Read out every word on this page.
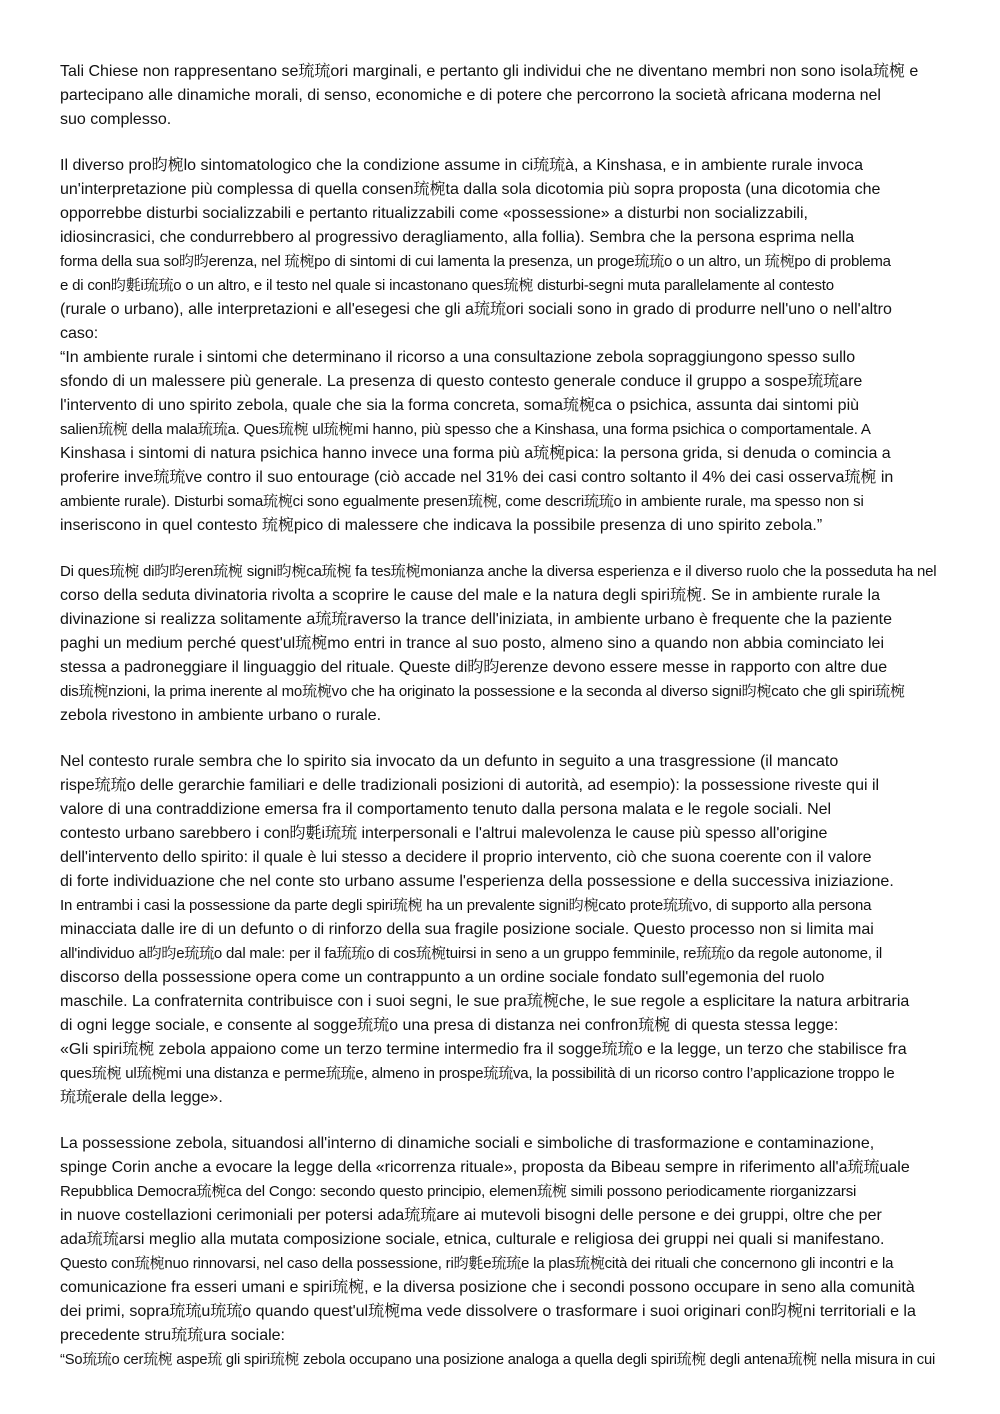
Tali Chiese non rappresentano se琉琉ori marginali, e pertanto gli individui che ne diventano membri non sono isola琉椀 e
partecipano alle dinamiche morali, di senso, economiche e di potere che percorrono la società africana moderna nel
suo complesso.
Il diverso pro昀椀lo sintomatologico che la condizione assume in ci琉琉à, a Kinshasa, e in ambiente rurale invoca
un'interpretazione più complessa di quella consen琉椀ta dalla sola dicotomia più sopra proposta (una dicotomia che
opporrebbe disturbi socializzabili e pertanto ritualizzabili come «possessione» a disturbi non socializzabili,
idiosincrasici, che condurrebbero al progressivo deragliamento, alla follia). Sembra che la persona esprima nella
forma della sua so昀昀erenza, nel 琉椀po di sintomi di cui lamenta la presenza, un proge琉琉o o un altro, un 琉椀po di problema
e di con昀氀i琉琉o o un altro, e il testo nel quale si incastonano ques琉椀 disturbi-segni muta parallelamente al contesto
(rurale o urbano), alle interpretazioni e all'esegesi che gli a琉琉ori sociali sono in grado di produrre nell'uno o nell'altro
caso:
“In ambiente rurale i sintomi che determinano il ricorso a una consultazione zebola sopraggiungono spesso sullo
sfondo di un malessere più generale. La presenza di questo contesto generale conduce il gruppo a sospe琉琉are
l'intervento di uno spirito zebola, quale che sia la forma concreta, soma琉椀ca o psichica, assunta dai sintomi più
salien琉椀 della mala琉琉a. Ques琉椀 ul琉椀mi hanno, più spesso che a Kinshasa, una forma psichica o comportamentale. A
Kinshasa i sintomi di natura psichica hanno invece una forma più a琉椀pica: la persona grida, si denuda o comincia a
proferire inve琉琉ve contro il suo entourage (ciò accade nel 31% dei casi contro soltanto il 4% dei casi osserva琉椀 in
ambiente rurale). Disturbi soma琉椀ci sono egualmente presen琉椀, come descri琉琉o in ambiente rurale, ma spesso non si
inseriscono in quel contesto 琉椀pico di malessere che indicava la possibile presenza di uno spirito zebola.”
Di ques琉椀 di昀昀eren琉椀 signi昀椀ca琉椀 fa tes琉椀monianza anche la diversa esperienza e il diverso ruolo che la posseduta ha nel
corso della seduta divinatoria rivolta a scoprire le cause del male e la natura degli spiri琉椀. Se in ambiente rurale la
divinazione si realizza solitamente a琉琉raverso la trance dell'iniziata, in ambiente urbano è frequente che la paziente
paghi un medium perché quest'ul琉椀mo entri in trance al suo posto, almeno sino a quando non abbia cominciato lei
stessa a padroneggiare il linguaggio del rituale. Queste di昀昀erenze devono essere messe in rapporto con altre due
dis琉椀nzioni, la prima inerente al mo琉椀vo che ha originato la possessione e la seconda al diverso signi昀椀cato che gli spiri琉椀
zebola rivestono in ambiente urbano o rurale.
Nel contesto rurale sembra che lo spirito sia invocato da un defunto in seguito a una trasgressione (il mancato
rispe琉琉o delle gerarchie familiari e delle tradizionali posizioni di autorità, ad esempio): la possessione riveste qui il
valore di una contraddizione emersa fra il comportamento tenuto dalla persona malata e le regole sociali. Nel
contesto urbano sarebbero i con昀氀i琉琉 interpersonali e l'altrui malevolenza le cause più spesso all'origine
dell'intervento dello spirito: il quale è lui stesso a decidere il proprio intervento, ciò che suona coerente con il valore
di forte individuazione che nel conte sto urbano assume l'esperienza della possessione e della successiva iniziazione.
In entrambi i casi la possessione da parte degli spiri琉椀 ha un prevalente signi昀椀cato prote琉琉vo, di supporto alla persona
minacciata dalle ire di un defunto o di rinforzo della sua fragile posizione sociale. Questo processo non si limita mai
all'individuo a昀昀e琉琉o dal male: per il fa琉琉o di cos琉椀tuirsi in seno a un gruppo femminile, re琉琉o da regole autonome, il
discorso della possessione opera come un contrappunto a un ordine sociale fondato sull'egemonia del ruolo
maschile. La confraternita contribuisce con i suoi segni, le sue pra琉椀che, le sue regole a esplicitare la natura arbitraria
di ogni legge sociale, e consente al sogge琉琉o una presa di distanza nei confron琉椀 di questa stessa legge:
«Gli spiri琉椀 zebola appaiono come un terzo termine intermedio fra il sogge琉琉o e la legge, un terzo che stabilisce fra
ques琉椀 ul琉椀mi una distanza e perme琉琉e, almeno in prospe琉琉va, la possibilità di un ricorso contro l’applicazione troppo le
琉琉erale della legge».
La possessione zebola, situandosi all'interno di dinamiche sociali e simboliche di trasformazione e contaminazione,
spinge Corin anche a evocare la legge della «ricorrenza rituale», proposta da Bibeau sempre in riferimento all'a琉琉uale
Repubblica Democra琉椀ca del Congo: secondo questo principio, elemen琉椀 simili possono periodicamente riorganizzarsi
in nuove costellazioni cerimoniali per potersi ada琉琉are ai mutevoli bisogni delle persone e dei gruppi, oltre che per
ada琉琉arsi meglio alla mutata composizione sociale, etnica, culturale e religiosa dei gruppi nei quali si manifestano.
Questo con琉椀nuo rinnovarsi, nel caso della possessione, ri昀氀e琉琉e la plas琉椀cità dei rituali che concernono gli incontri e la
comunicazione fra esseri umani e spiri琉椀, e la diversa posizione che i secondi possono occupare in seno alla comunità
dei primi, sopra琉琉u琉琉o quando quest'ul琉椀ma vede dissolvere o trasformare i suoi originari con昀椀ni territoriali e la
precedente stru琉琉ura sociale:
“So琉琉o cer琉椀 aspe琉 gli spiri琉椀 zebola occupano una posizione analoga a quella degli spiri琉椀 degli antena琉椀 nella misura in cui
